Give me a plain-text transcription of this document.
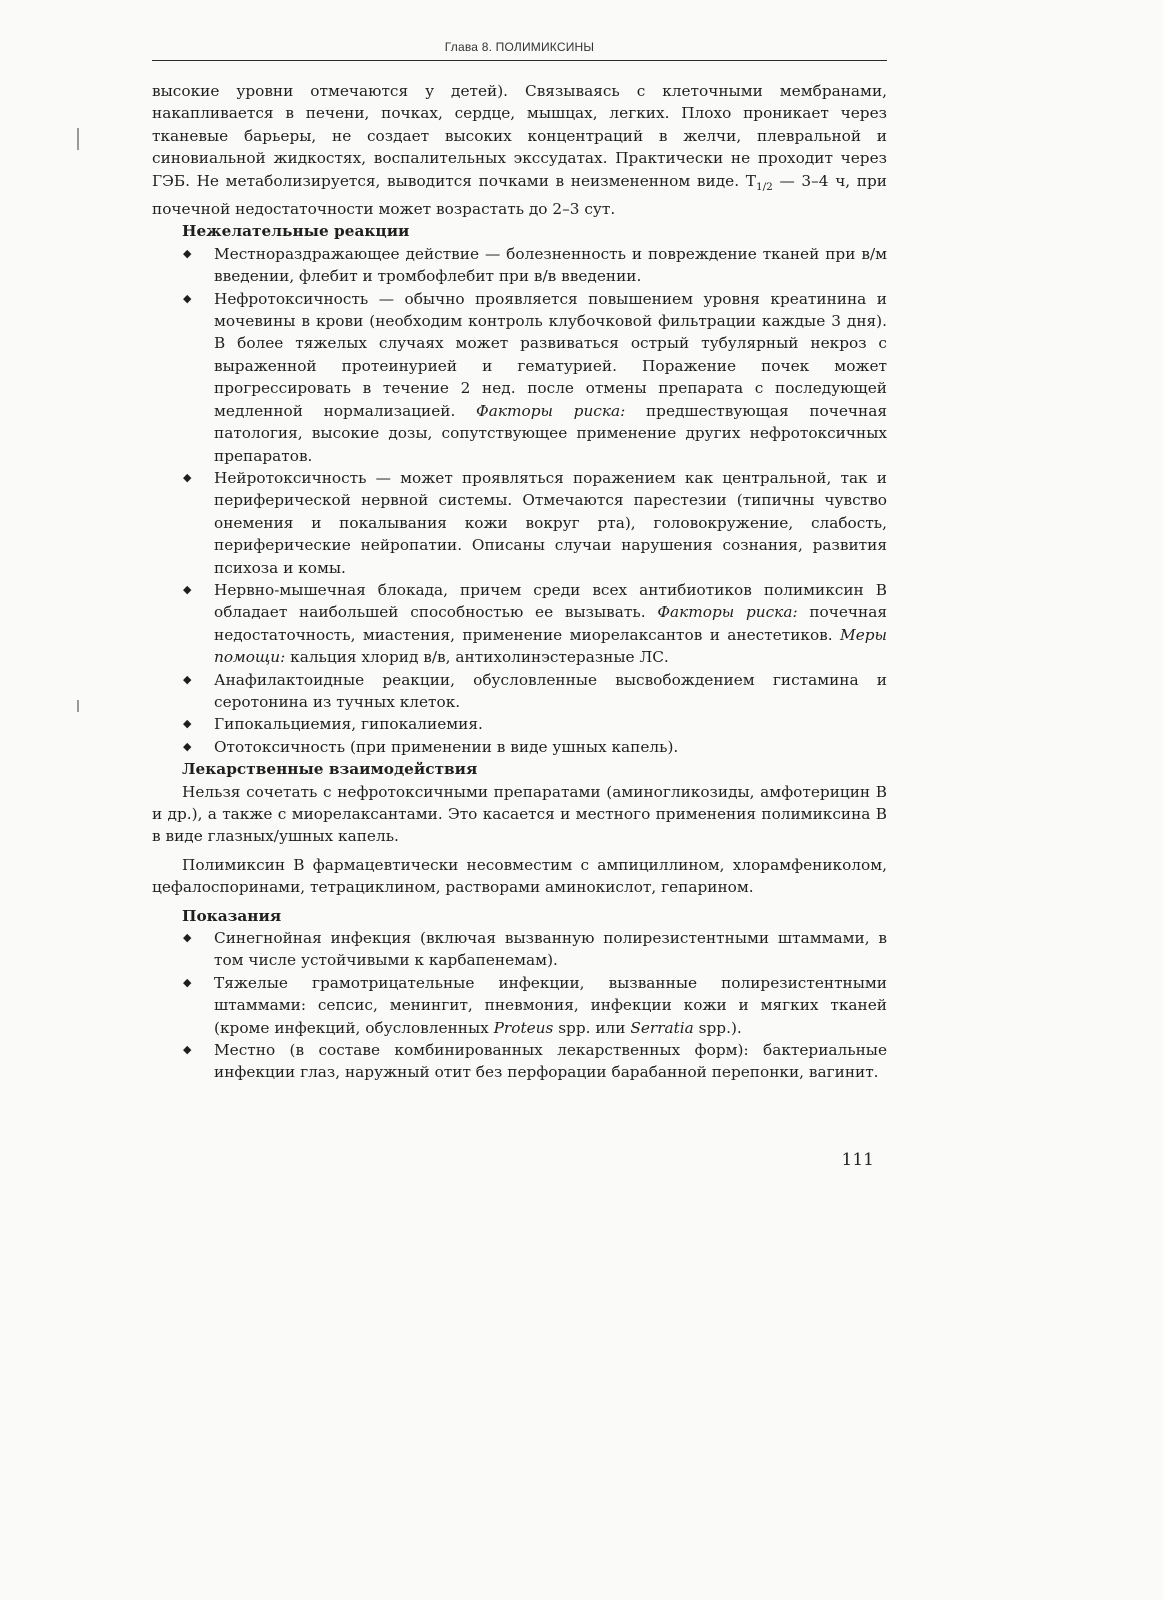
Глава 8. ПОЛИМИКСИНЫ

высокие уровни отмечаются у детей). Связываясь с клеточными мембранами, накапливается в печени, почках, сердце, мышцах, легких. Плохо проникает через тканевые барьеры, не создает высоких концентраций в желчи, плевральной и синовиальной жидкостях, воспалительных экссудатах. Практически не проходит через ГЭБ. Не метаболизируется, выводится почками в неизмененном виде. $T_{1/2}$ — 3–4 ч, при почечной недостаточности может возрастать до 2–3 сут.

Нежелательные реакции

◆ Местнораздражающее действие — болезненность и повреждение тканей при в/м введении, флебит и тромбофлебит при в/в введении.
◆ Нефротоксичность — обычно проявляется повышением уровня креатинина и мочевины в крови (необходим контроль клубочковой фильтрации каждые 3 дня). В более тяжелых случаях может развиваться острый тубулярный некроз с выраженной протеинурией и гематурией. Поражение почек может прогрессировать в течение 2 нед. после отмены препарата с последующей медленной нормализацией. Факторы риска: предшествующая почечная патология, высокие дозы, сопутствующее применение других нефротоксичных препаратов.
◆ Нейротоксичность — может проявляться поражением как центральной, так и периферической нервной системы. Отмечаются парестезии (типичны чувство онемения и покалывания кожи вокруг рта), головокружение, слабость, периферические нейропатии. Описаны случаи нарушения сознания, развития психоза и комы.
◆ Нервно-мышечная блокада, причем среди всех антибиотиков полимиксин В обладает наибольшей способностью ее вызывать. Факторы риска: почечная недостаточность, миастения, применение миорелаксантов и анестетиков. Меры помощи: кальция хлорид в/в, антихолинэстеразные ЛС.
◆ Анафилактоидные реакции, обусловленные высвобождением гистамина и серотонина из тучных клеток.
◆ Гипокальциемия, гипокалиемия.
◆ Ототоксичность (при применении в виде ушных капель).

Лекарственные взаимодействия

Нельзя сочетать с нефротоксичными препаратами (аминогликозиды, амфотерицин В и др.), а также с миорелаксантами. Это касается и местного применения полимиксина В в виде глазных/ушных капель.

Полимиксин В фармацевтически несовместим с ампициллином, хлорамфениколом, цефалоспоринами, тетрациклином, растворами аминокислот, гепарином.

Показания

◆ Синегнойная инфекция (включая вызванную полирезистентными штаммами, в том числе устойчивыми к карбапенемам).
◆ Тяжелые грамотрицательные инфекции, вызванные полирезистентными штаммами: сепсис, менингит, пневмония, инфекции кожи и мягких тканей (кроме инфекций, обусловленных Proteus spp. или Serratia spp.).
◆ Местно (в составе комбинированных лекарственных форм): бактериальные инфекции глаз, наружный отит без перфорации барабанной перепонки, вагинит.
111
